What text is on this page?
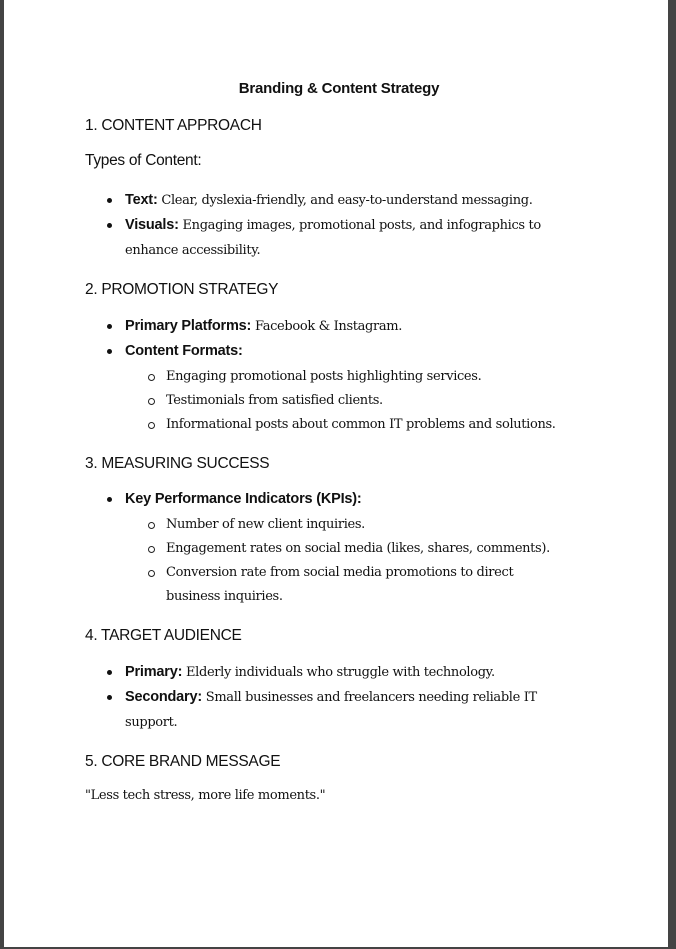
Branding & Content Strategy
1. CONTENT APPROACH
Types of Content:
Text: Clear, dyslexia-friendly, and easy-to-understand messaging.
Visuals: Engaging images, promotional posts, and infographics to enhance accessibility.
2. PROMOTION STRATEGY
Primary Platforms: Facebook & Instagram.
Content Formats:
Engaging promotional posts highlighting services.
Testimonials from satisfied clients.
Informational posts about common IT problems and solutions.
3. MEASURING SUCCESS
Key Performance Indicators (KPIs):
Number of new client inquiries.
Engagement rates on social media (likes, shares, comments).
Conversion rate from social media promotions to direct business inquiries.
4. TARGET AUDIENCE
Primary: Elderly individuals who struggle with technology.
Secondary: Small businesses and freelancers needing reliable IT support.
5. CORE BRAND MESSAGE
"Less tech stress, more life moments."
